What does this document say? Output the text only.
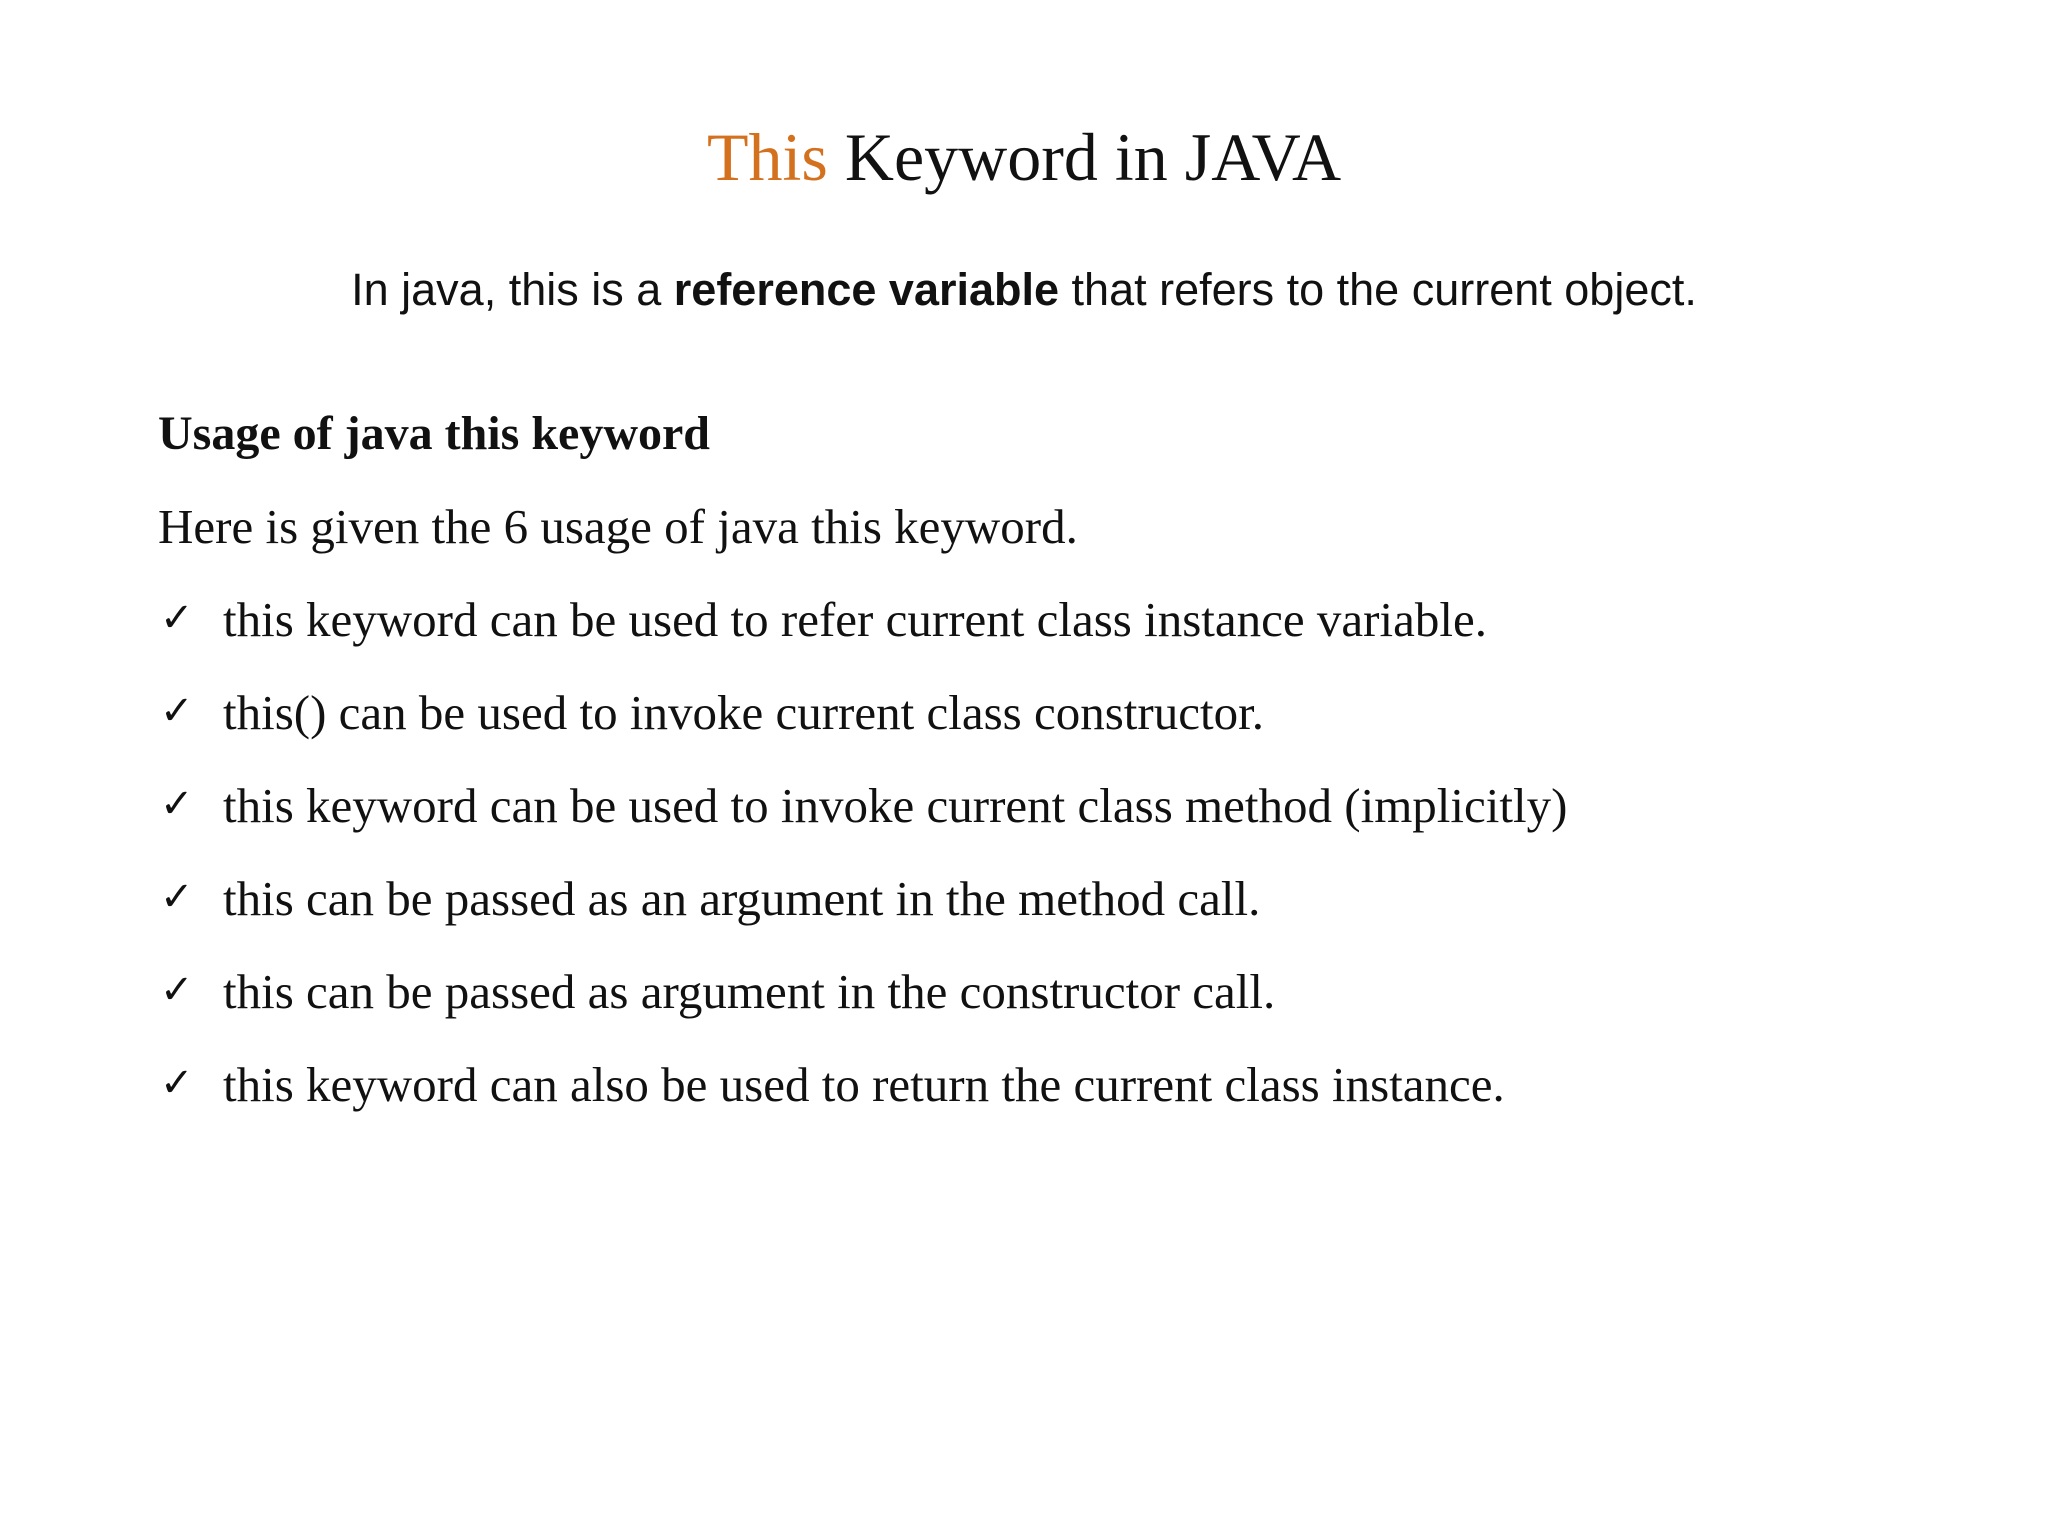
This Keyword in JAVA
In java, this is a reference variable that refers to the current object.
Usage of java this keyword
Here is given the 6 usage of java this keyword.
✓ this keyword can be used to refer current class instance variable.
✓ this() can be used to invoke current class constructor.
✓ this keyword can be used to invoke current class method (implicitly)
✓ this can be passed as an argument in the method call.
✓ this can be passed as argument in the constructor call.
✓ this keyword can also be used to return the current class instance.
